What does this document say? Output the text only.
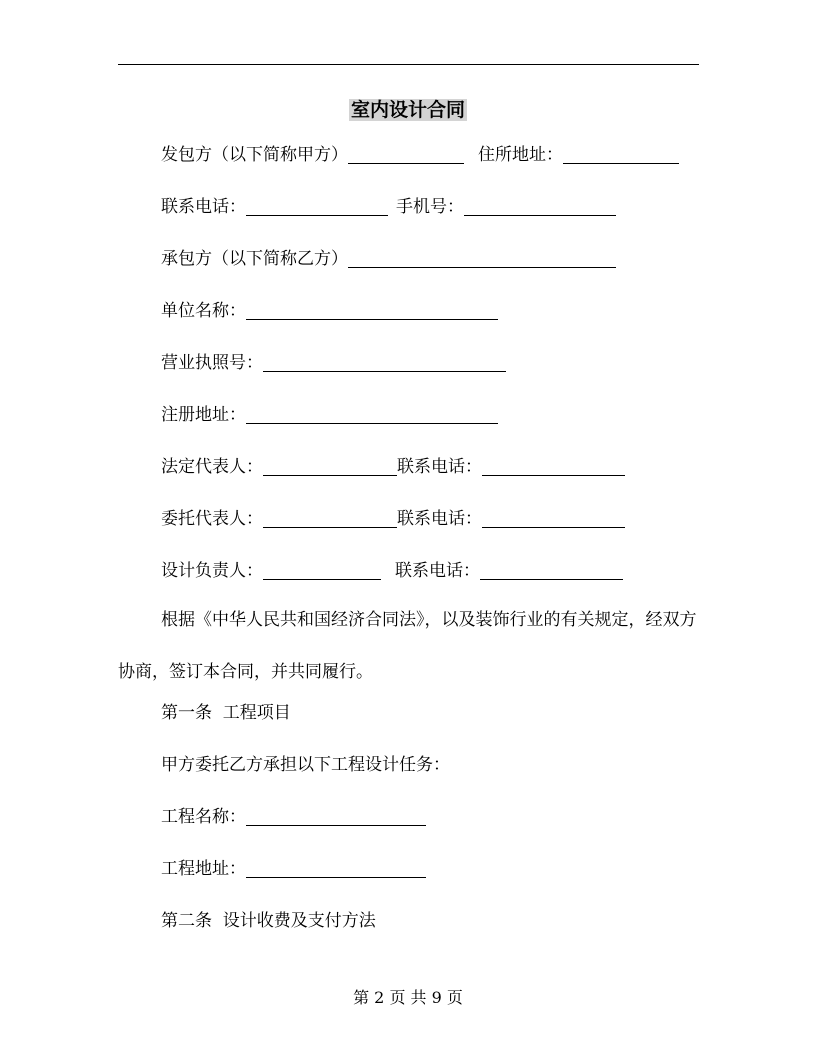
室内设计合同
发包方（以下简称甲方）	住所地址：
联系电话：	手机号：
承包方（以下简称乙方）
单位名称：
营业执照号：
注册地址：
法定代表人：	联系电话：
委托代表人：	联系电话：
设计负责人：	联系电话：
根据《中华人民共和国经济合同法》，以及装饰行业的有关规定，经双方协商，签订本合同，并共同履行。
第一条  工程项目
甲方委托乙方承担以下工程设计任务：
工程名称：
工程地址：
第二条  设计收费及支付方法
第 2 页 共 9 页
